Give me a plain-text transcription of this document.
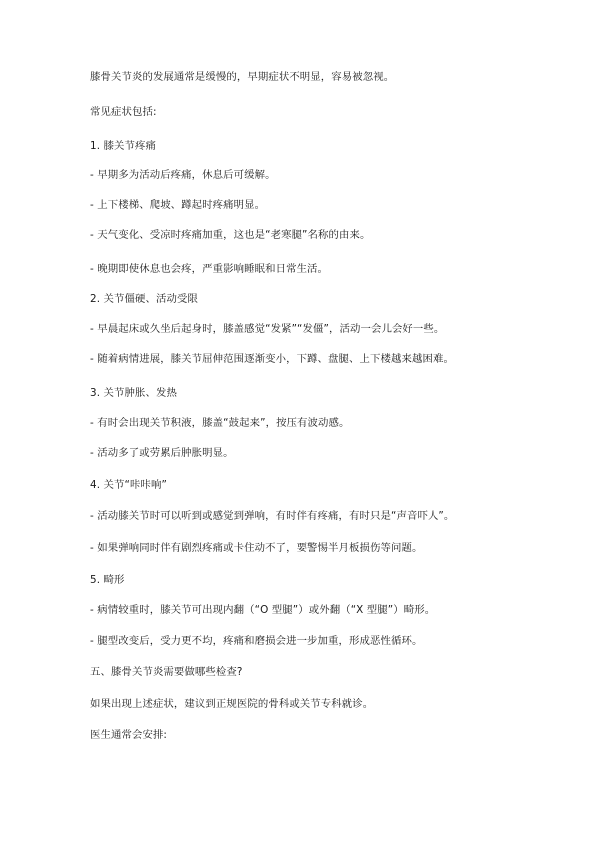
膝骨关节炎的发展通常是缓慢的，早期症状不明显，容易被忽视。
常见症状包括:
1. 膝关节疼痛
- 早期多为活动后疼痛，休息后可缓解。
- 上下楼梯、爬坡、蹲起时疼痛明显。
- 天气变化、受凉时疼痛加重，这也是“老寒腿”名称的由来。
- 晚期即使休息也会疼，严重影响睡眠和日常生活。
2. 关节僵硬、活动受限
- 早晨起床或久坐后起身时，膝盖感觉“发紧”“发僵”，活动一会儿会好一些。
- 随着病情进展，膝关节屈伸范围逐渐变小，下蹲、盘腿、上下楼越来越困难。
3. 关节肿胀、发热
- 有时会出现关节积液，膝盖“鼓起来”，按压有波动感。
- 活动多了或劳累后肿胀明显。
4. 关节“咔咔响”
- 活动膝关节时可以听到或感觉到弹响，有时伴有疼痛，有时只是“声音吓人”。
- 如果弹响同时伴有剧烈疼痛或卡住动不了，要警惕半月板损伤等问题。
5. 畸形
- 病情较重时，膝关节可出现内翻（“O 型腿”）或外翻（“X 型腿”）畸形。
- 腿型改变后，受力更不均，疼痛和磨损会进一步加重，形成恶性循环。
五、膝骨关节炎需要做哪些检查?
如果出现上述症状，建议到正规医院的骨科或关节专科就诊。
医生通常会安排:
